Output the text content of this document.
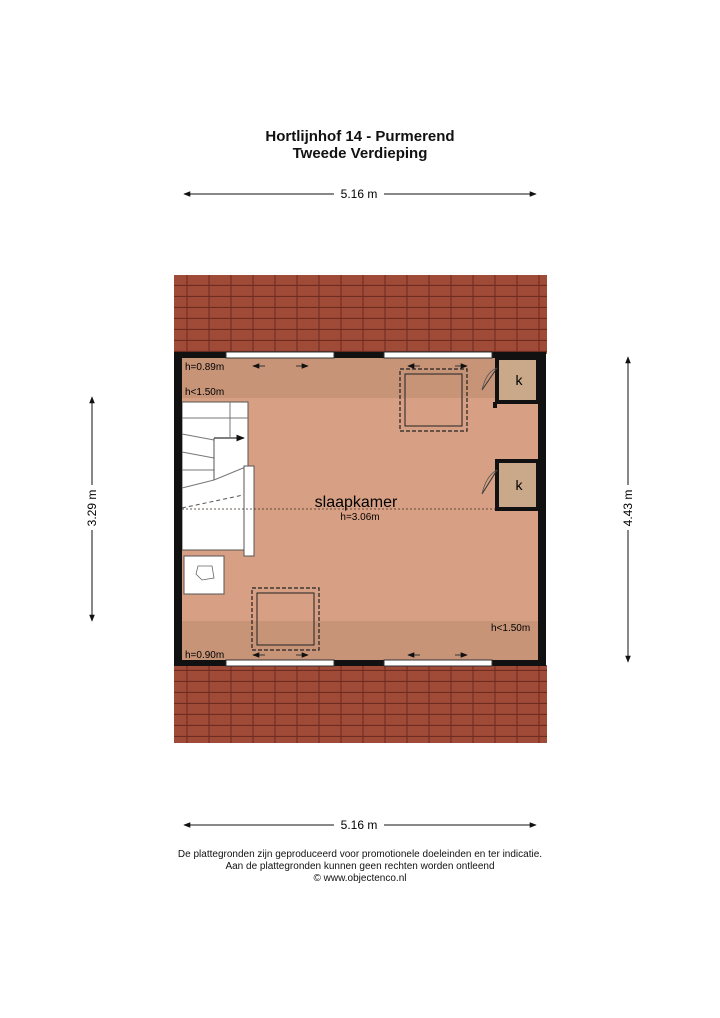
Hortlijnhof 14 - Purmerend
Tweede Verdieping
5.16 m
k
k
slaapkamer
h=3.06m
h=0.89m
h<1.50m
h=0.90m
h<1.50m
3.29 m	4.43 m
5.16 m
De plattegronden zijn geproduceerd voor promotionele doeleinden en ter indicatie.
Aan de plattegronden kunnen geen rechten worden ontleend
© www.objectenco.nl
